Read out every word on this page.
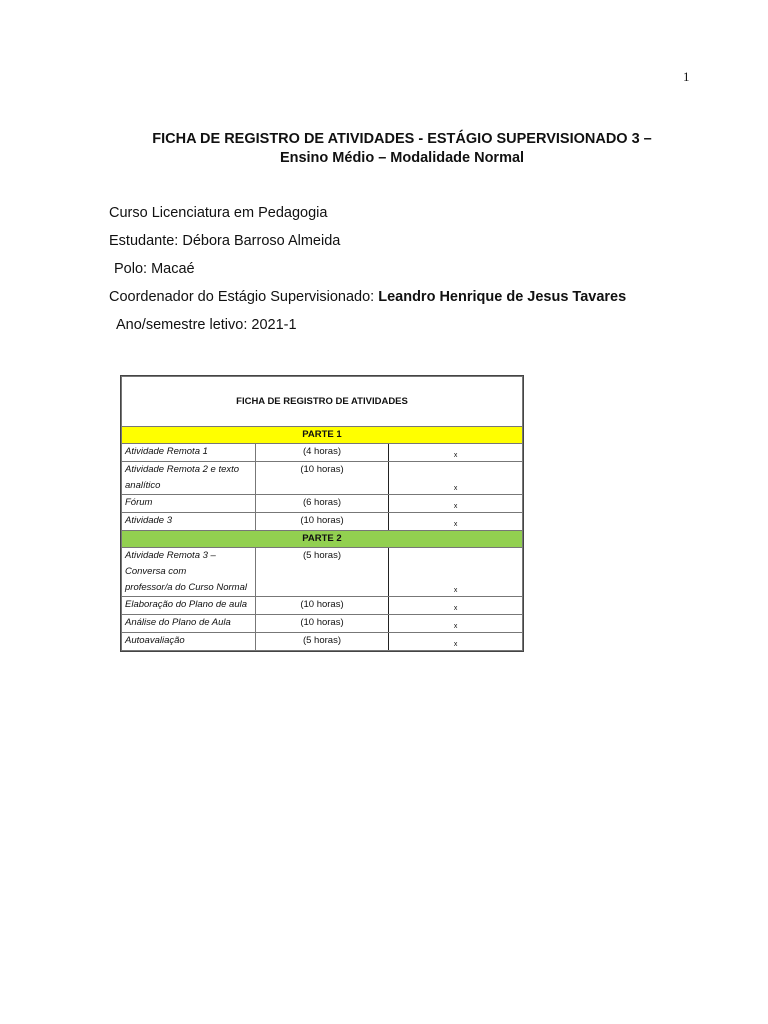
1
FICHA DE REGISTRO DE ATIVIDADES - ESTÁGIO SUPERVISIONADO 3 –
Ensino Médio – Modalidade Normal
Curso Licenciatura em Pedagogia
Estudante: Débora Barroso Almeida
Polo: Macaé
Coordenador do Estágio Supervisionado: Leandro Henrique de Jesus Tavares
Ano/semestre letivo: 2021-1
FICHA DE REGISTRO DE ATIVIDADES		
PARTE 1		
Atividade Remota 1	(4 horas)	x
Atividade Remota 2 e texto analítico	(10 horas)	x
Fórum	(6 horas)	x
Atividade 3	(10 horas)	x
PARTE 2		

Atividade Remota 3 – Conversa com
professor/a do Curso Normal	(5 horas)	x
Elaboração do Plano de aula	(10 horas)	x
Análise do Plano de Aula	(10 horas)	x
Autoavaliação	(5 horas)	x
